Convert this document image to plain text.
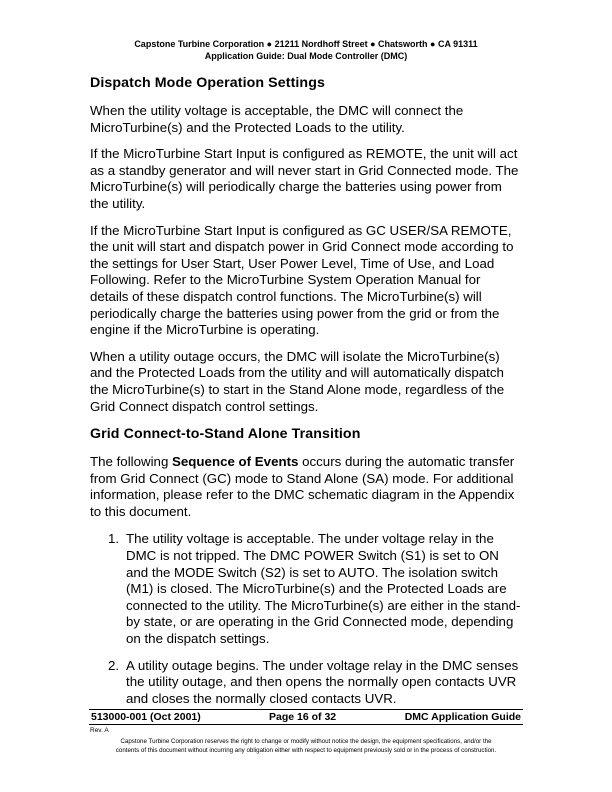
Capstone Turbine Corporation ● 21211 Nordhoff Street ● Chatsworth ● CA 91311
Application Guide: Dual Mode Controller (DMC)
Dispatch Mode Operation Settings

When the utility voltage is acceptable, the DMC will connect the MicroTurbine(s) and the Protected Loads to the utility.

If the MicroTurbine Start Input is configured as REMOTE, the unit will act as a standby generator and will never start in Grid Connected mode. The MicroTurbine(s) will periodically charge the batteries using power from the utility.

If the MicroTurbine Start Input is configured as GC USER/SA REMOTE, the unit will start and dispatch power in Grid Connect mode according to the settings for User Start, User Power Level, Time of Use, and Load Following. Refer to the MicroTurbine System Operation Manual for details of these dispatch control functions. The MicroTurbine(s) will periodically charge the batteries using power from the grid or from the engine if the MicroTurbine is operating.

When a utility outage occurs, the DMC will isolate the MicroTurbine(s) and the Protected Loads from the utility and will automatically dispatch the MicroTurbine(s) to start in the Stand Alone mode, regardless of the Grid Connect dispatch control settings.

Grid Connect-to-Stand Alone Transition

The following Sequence of Events occurs during the automatic transfer from Grid Connect (GC) mode to Stand Alone (SA) mode. For additional information, please refer to the DMC schematic diagram in the Appendix to this document.

1. The utility voltage is acceptable. The under voltage relay in the DMC is not tripped. The DMC POWER Switch (S1) is set to ON and the MODE Switch (S2) is set to AUTO. The isolation switch (M1) is closed. The MicroTurbine(s) and the Protected Loads are connected to the utility. The MicroTurbine(s) are either in the stand-by state, or are operating in the Grid Connected mode, depending on the dispatch settings.
2. A utility outage begins. The under voltage relay in the DMC senses the utility outage, and then opens the normally open contacts UVR and closes the normally closed contacts UVR.
513000-001 (Oct 2001)	Page 16 of 32	DMC Application Guide
Rev. A
Capstone Turbine Corporation reserves the right to change or modify without notice the design, the equipment specifications, and/or the
contents of this document without incurring any obligation either with respect to equipment previously sold or in the process of construction.
